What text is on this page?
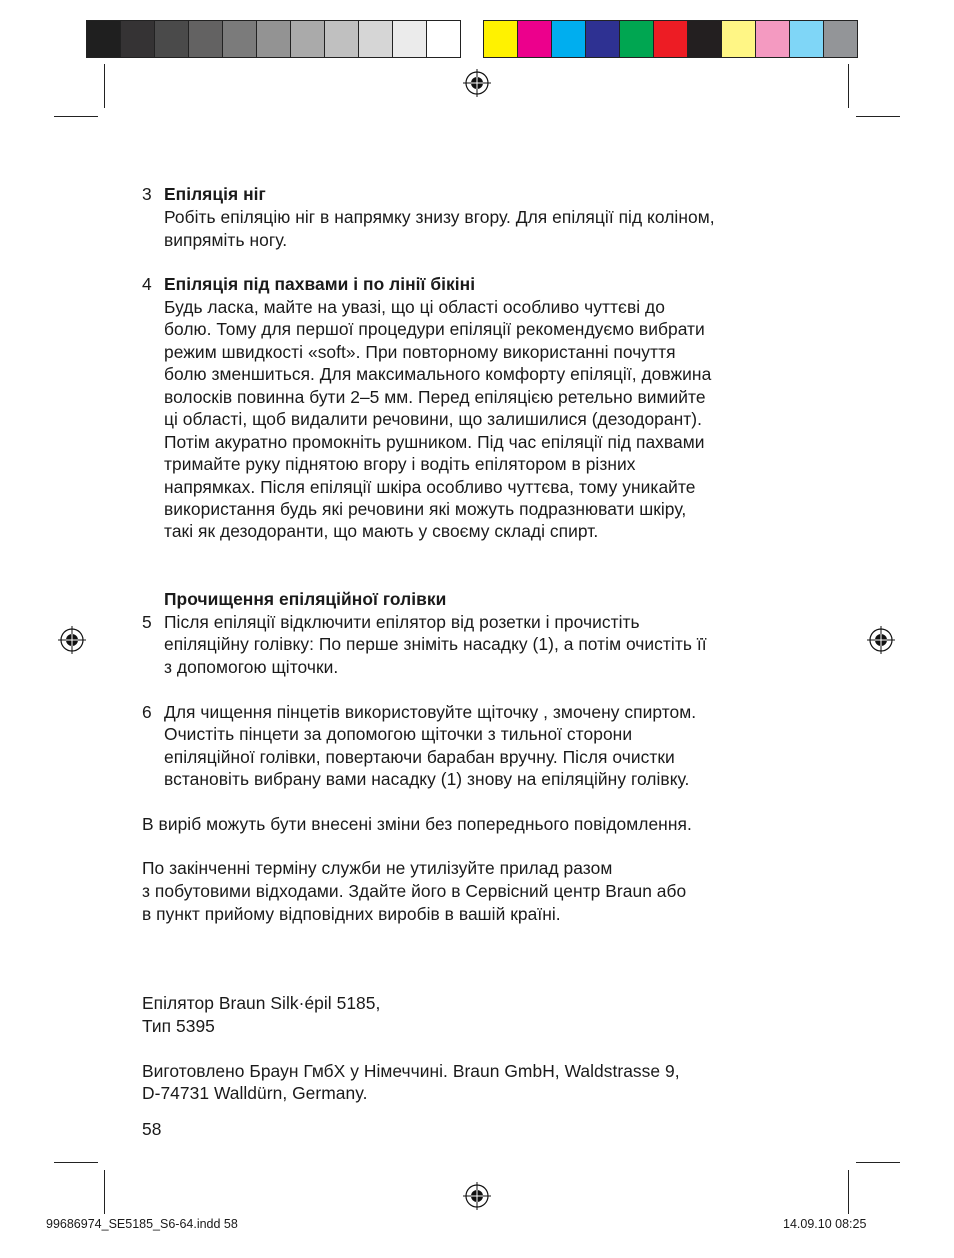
3 Епіляція ніг
Робіть епіляцію ніг в напрямку знизу вгору. Для епіляції під коліном,
випряміть ногу.
4 Епіляція під пахвами і по лінії бікіні
Будь ласка, майте на увазі, що ці області особливо чуттєві до
болю. Тому для першої процедури епіляції рекомендуємо вибрати
режим швидкості «soft». При повторному використанні почуття
болю зменшиться. Для максимального комфорту епіляції, довжина
волосків повинна бути 2–5 мм. Перед епіляцією ретельно вимийте
ці області, щоб видалити речовини, що залишилися (дезодорант).
Потім акуратно промокніть рушником. Під час епіляції під пахвами
тримайте руку піднятою вгору і водіть епілятором в різних
напрямках. Після епіляції шкіра особливо чуттєва, тому уникайте
використання будь які речовини які можуть подразнювати шкіру,
такі як дезодоранти, що мають у своєму складі спирт.
Прочищення епіляційної голівки
5 Після епіляції відключити епілятор від розетки і прочистіть
епіляційну голівку: По перше зніміть насадку (1), а потім очистіть її
з допомогою щіточки.
6 Для чищення пінцетів використовуйте щіточку , змочену спиртом.
Очистіть пінцети за допомогою щіточки з тильної сторони
епіляційної голівки, повертаючи барабан вручну. Після очистки
встановіть вибрану вами насадку (1) знову на епіляційну голівку.
В виріб можуть бути внесені зміни без попереднього повідомлення.
По закінченні терміну служби не утилізуйте прилад разом
з побутовими відходами. Здайте його в Сервісний центр Braun або
в пункт прийому відповідних виробів в вашій країні.
Епілятор Braun Silk·épil 5185,
Тип 5395
Виготовлено Браун ГмбХ у Німеччині. Braun GmbH, Waldstrasse 9,
D-74731 Walldürn, Germany.
58
99686974_SE5185_S6-64.indd 58	14.09.10 08:25
